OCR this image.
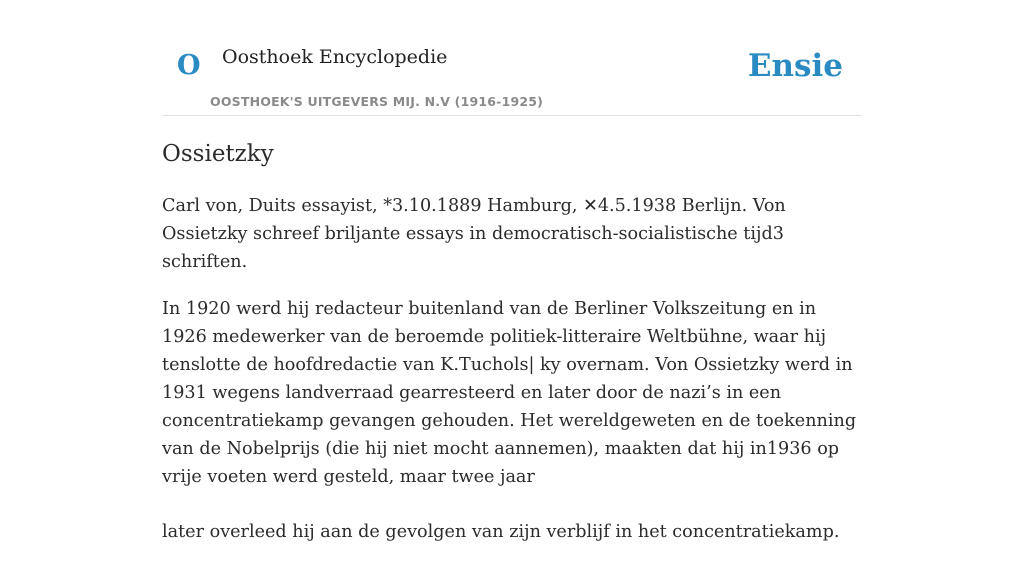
O Oosthoek Encyclopedie
OOSTHOEK'S UITGEVERS MIJ. N.V (1916-1925)
Ensie
Ossietzky

Carl von, Duits essayist, *3.10.1889 Hamburg, ✕4.5.1938 Berlijn. Von Ossietzky schreef briljante essays in democratisch-socialistische tijd3 schriften.

In 1920 werd hij redacteur buitenland van de Berliner Volkszeitung en in 1926 medewerker van de beroemde politiek-litteraire Weltbühne, waar hij tenslotte de hoofdredactie van K.Tuchols| ky overnam. Von Ossietzky werd in 1931 wegens landverraad gearresteerd en later door de nazi’s in een concentratiekamp gevangen gehouden. Het wereldgeweten en de toekenning van de Nobelprijs (die hij niet mocht aannemen), maakten dat hij in1936 op vrije voeten werd gesteld, maar twee jaar

later overleed hij aan de gevolgen van zijn verblijf in het concentratiekamp.
